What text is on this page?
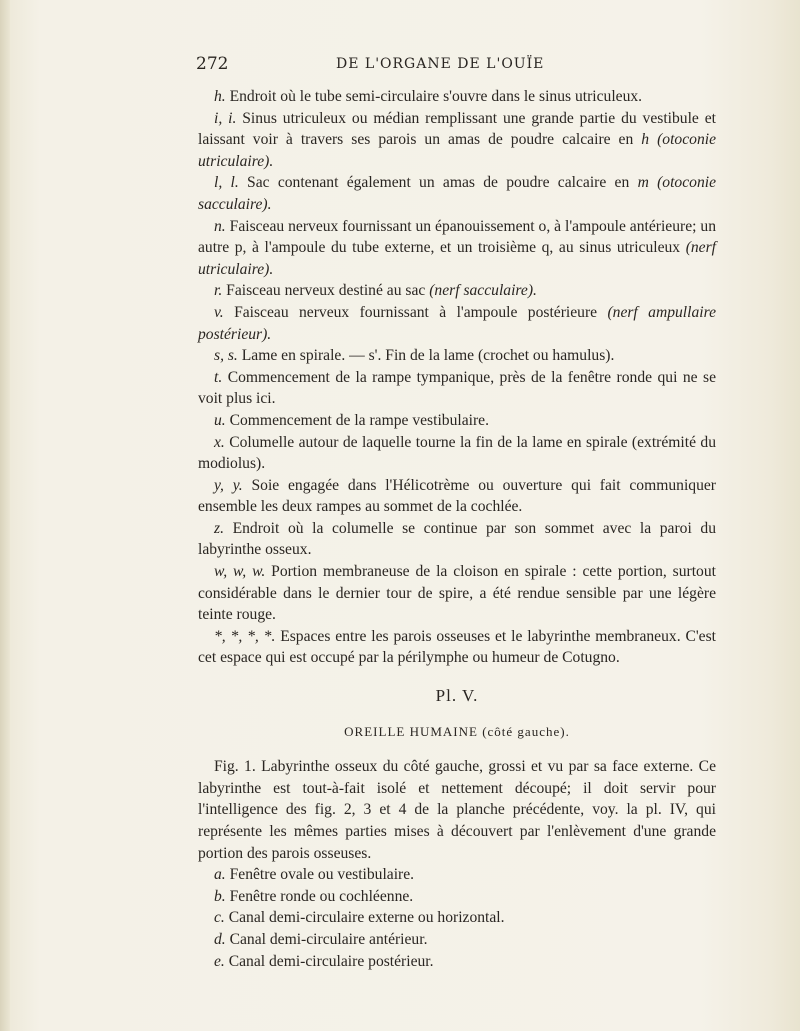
272	DE L'ORGANE DE L'OUÏE

h. Endroit où le tube semi-circulaire s'ouvre dans le sinus utriculeux.

i, i. Sinus utriculeux ou médian remplissant une grande partie du vestibule et laissant voir à travers ses parois un amas de poudre calcaire en h (otoconie utriculaire).

l, l. Sac contenant également un amas de poudre calcaire en m (otoconie sacculaire).

n. Faisceau nerveux fournissant un épanouissement o, à l'ampoule antérieure; un autre p, à l'ampoule du tube externe, et un troisième q, au sinus utriculeux (nerf utriculaire).

r. Faisceau nerveux destiné au sac (nerf sacculaire).

v. Faisceau nerveux fournissant à l'ampoule postérieure (nerf ampullaire postérieur).

s, s. Lame en spirale. — s'. Fin de la lame (crochet ou hamulus).

t. Commencement de la rampe tympanique, près de la fenêtre ronde qui ne se voit plus ici.

u. Commencement de la rampe vestibulaire.

x. Columelle autour de laquelle tourne la fin de la lame en spirale (extrémité du modiolus).

y, y. Soie engagée dans l'Hélicotrème ou ouverture qui fait communiquer ensemble les deux rampes au sommet de la cochlée.

z. Endroit où la columelle se continue par son sommet avec la paroi du labyrinthe osseux.

w, w, w. Portion membraneuse de la cloison en spirale : cette portion, surtout considérable dans le dernier tour de spire, a été rendue sensible par une légère teinte rouge.

*, *, *, *. Espaces entre les parois osseuses et le labyrinthe membraneux. C'est cet espace qui est occupé par la périlymphe ou humeur de Cotugno.

Pl. V.
OREILLE HUMAINE (côté gauche).

Fig. 1. Labyrinthe osseux du côté gauche, grossi et vu par sa face externe. Ce labyrinthe est tout-à-fait isolé et nettement découpé; il doit servir pour l'intelligence des fig. 2, 3 et 4 de la planche précédente, voy. la pl. IV, qui représente les mêmes parties mises à découvert par l'enlèvement d'une grande portion des parois osseuses.

a. Fenêtre ovale ou vestibulaire.

b. Fenêtre ronde ou cochléenne.

c. Canal demi-circulaire externe ou horizontal.

d. Canal demi-circulaire antérieur.

e. Canal demi-circulaire postérieur.
